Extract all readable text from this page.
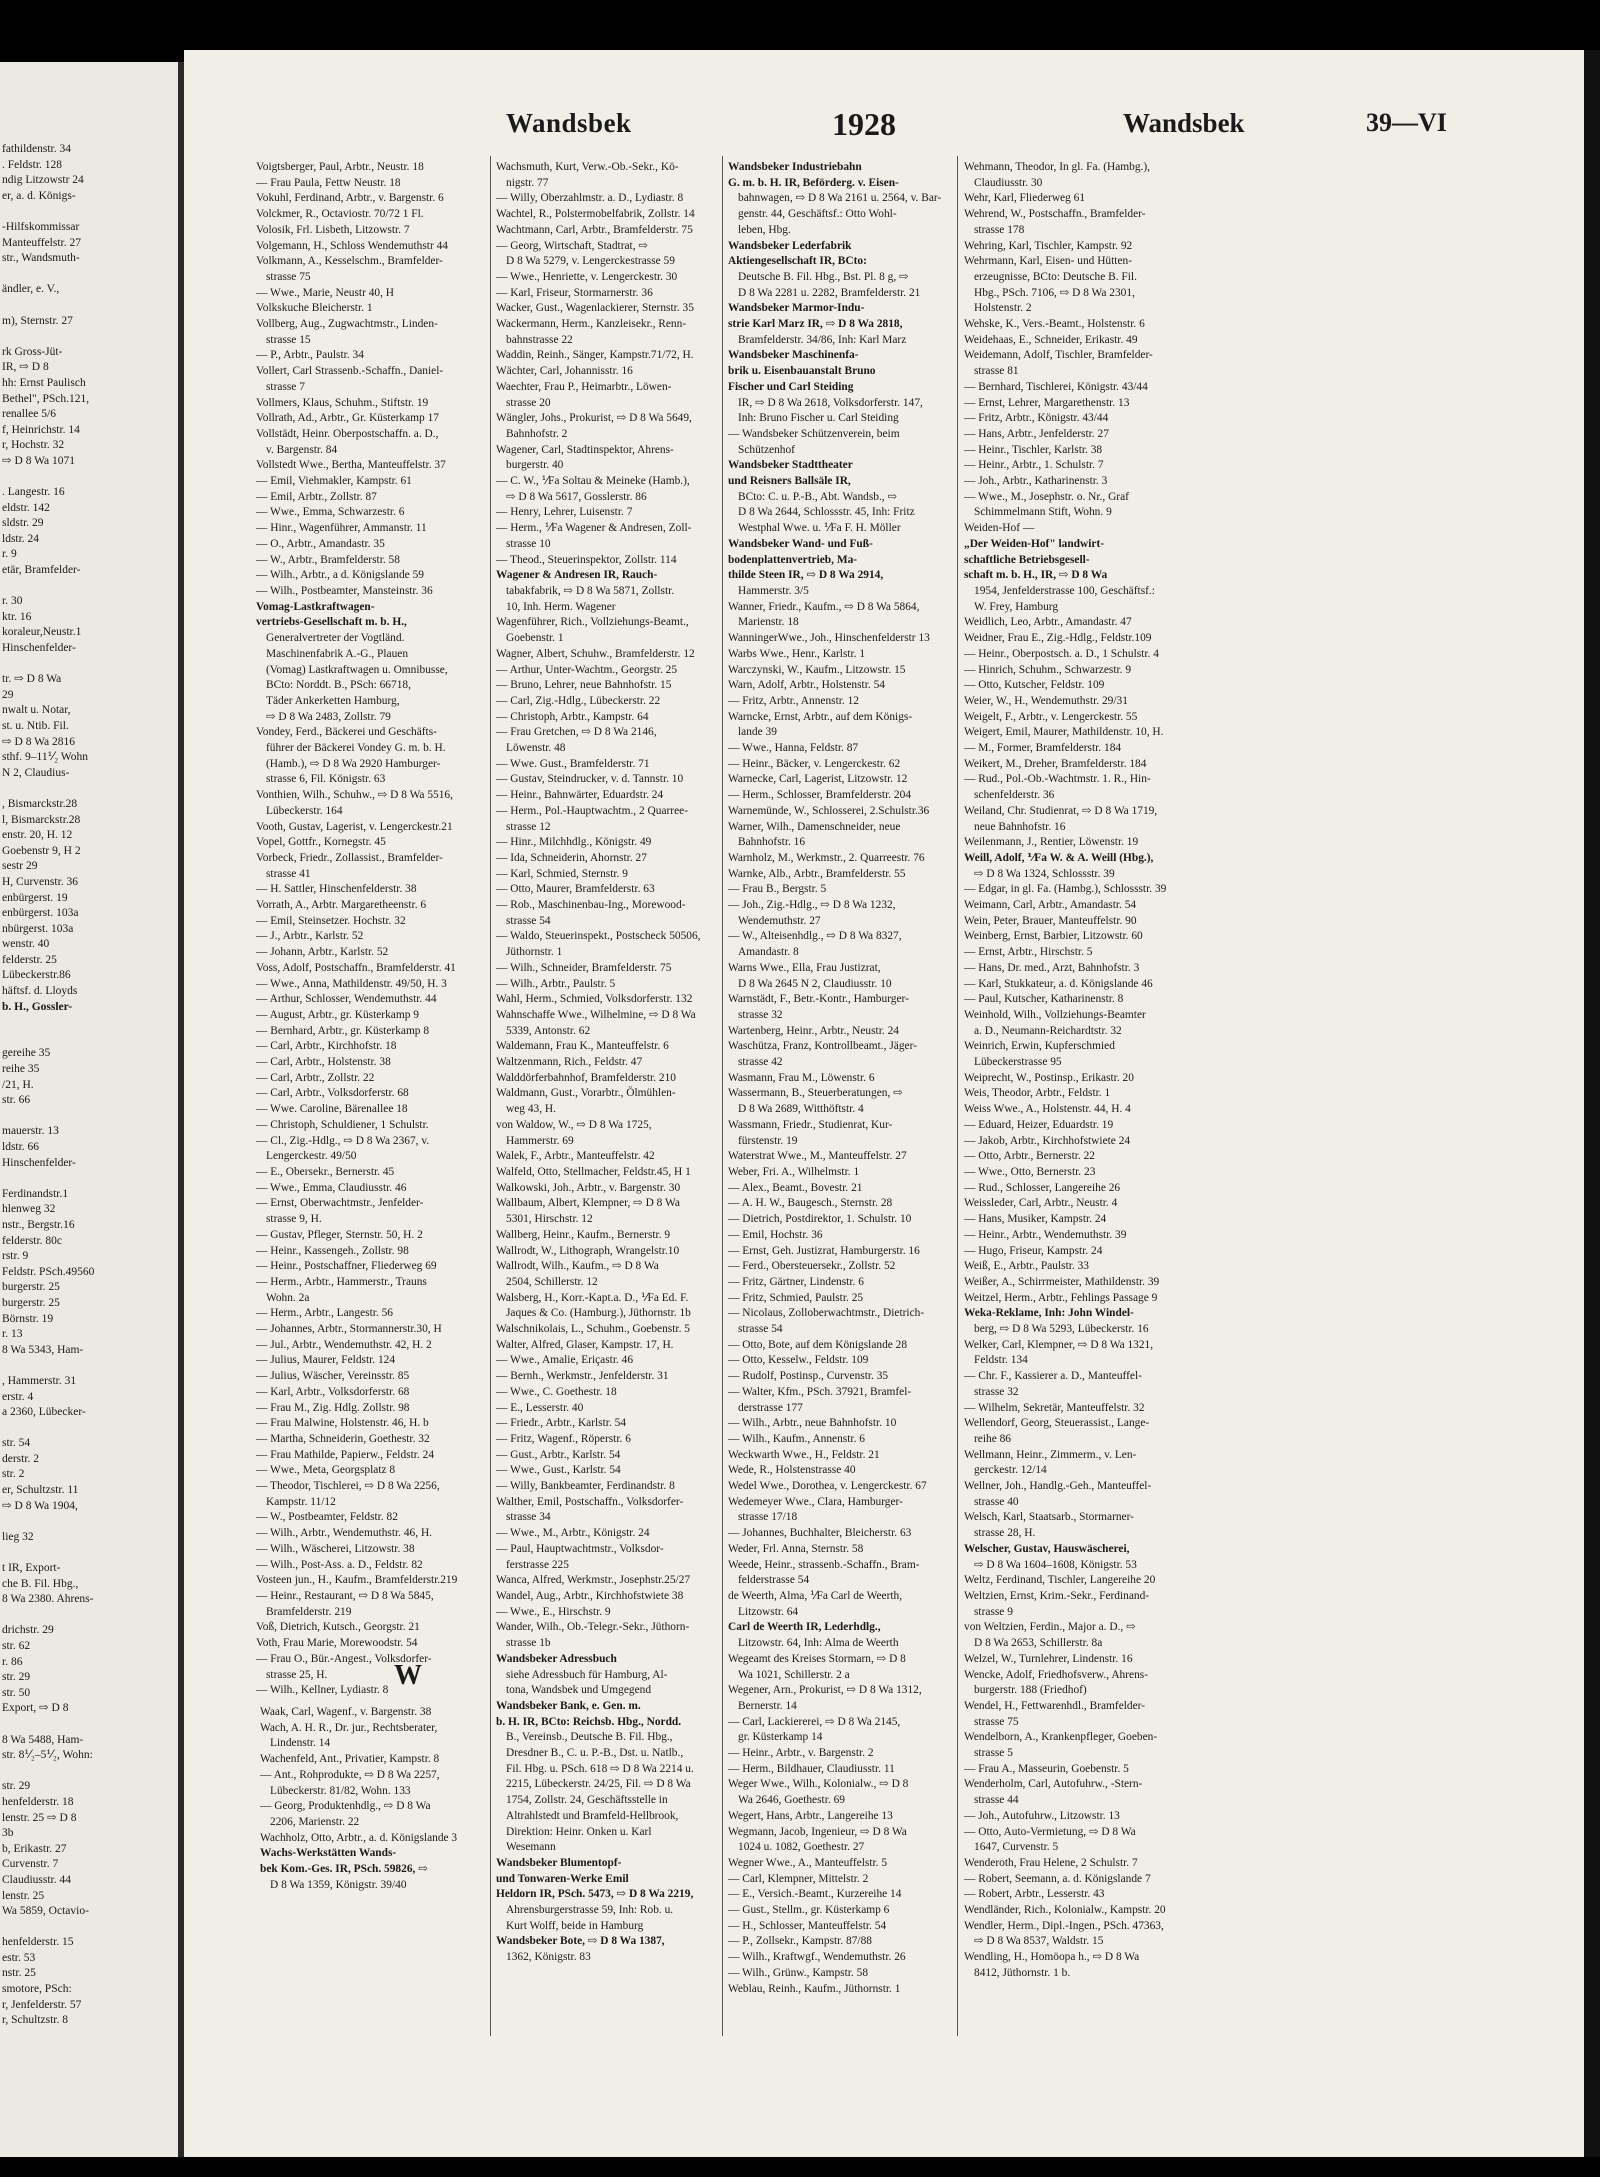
fathildenstr. 34
. Feldstr. 128
ndig Litzowstr 24
er, a. d. Königs-

-Hilfskommissar
Manteuffelstr. 27
str., Wandsmuth-

ändler, e. V.,

m), Sternstr. 27

rk Gross-Jüt-
IR, ⇨ D 8
hh: Ernst Paulisch
Bethel", PSch.121,
renallee 5/6
f, Heinrichstr. 14
r, Hochstr. 32
⇨ D 8 Wa 1071

. Langestr. 16
eldstr. 142
sldstr. 29
ldstr. 24
r. 9
etär, Bramfelder-

r. 30
ktr. 16
koraleur,Neustr.1
Hinschenfelder-

tr. ⇨ D 8 Wa
29
nwalt u. Notar,
st. u. Ntib. Fil.
⇨ D 8 Wa 2816
sthf. 9–11⅟₂ Wohn
N 2, Claudius-

, Bismarckstr.28
l, Bismarckstr.28
enstr. 20, H. 12
Goebenstr 9, H 2
sestr 29
H, Curvenstr. 36
enbürgerst. 19
enbürgerst. 103a
nbürgerst. 103a
wenstr. 40
felderstr. 25
Lübeckerstr.86
häftsf. d. Lloyds
b. H., Gossler-

gereihe 35
reihe 35
/21, H.
str. 66

mauerstr. 13
ldstr. 66
Hinschenfelder-

Ferdinandstr.1
hlenweg 32
nstr., Bergstr.16
felderstr. 80c
rstr. 9
Feldstr. PSch.49560
burgerstr. 25
burgerstr. 25
Börnstr. 19
r. 13
8 Wa 5343, Ham-

, Hammerstr. 31
erstr. 4
a 2360, Lübecker-

str. 54
derstr. 2
str. 2
er, Schultzstr. 11
⇨ D 8 Wa 1904,

lieg 32

t IR, Export-
che B. Fil. Hbg.,
8 Wa 2380. Ahrens-

drichstr. 29
str. 62
r. 86
str. 29
str. 50
Export, ⇨ D 8

8 Wa 5488, Ham-
str. 8⅟₂–5⅟₂, Wohn:

str. 29
henfelderstr. 18
lenstr. 25 ⇨ D 8
3b
b, Erikastr. 27
Curvenstr. 7
Claudiusstr. 44
lenstr. 25
Wa 5859, Octavio-

henfelderstr. 15
estr. 53
nstr. 25
smotore, PSch:
r, Jenfelderstr. 57
r, Schultzstr. 8
Wandsbek	1928	Wandsbek	39—VI
Voigtsberger, Paul, Arbtr., Neustr. 18
— Frau Paula, Fettw Neustr. 18
Vokuhl, Ferdinand, Arbtr., v. Bargenstr. 6
Volckmer, R., Octaviostr. 70/72 1 Fl.
Volosik, Frl. Lisbeth, Litzowstr. 7
Volgemann, H., Schloss Wendemuthstr 44
Volkmann, A., Kesselschm., Bramfelder-
strasse 75
— Wwe., Marie, Neustr 40, H
Volkskuche Bleicherstr. 1
Vollberg, Aug., Zugwachtmstr., Linden-
strasse 15
— P., Arbtr., Paulstr. 34
Vollert, Carl Strassenb.-Schaffn., Daniel-
strasse 7
Vollmers, Klaus, Schuhm., Stiftstr. 19
Vollrath, Ad., Arbtr., Gr. Küsterkamp 17
Vollstädt, Heinr. Oberpostschaffn. a. D.,
v. Bargenstr. 84
Vollstedt Wwe., Bertha, Manteuffelstr. 37
— Emil, Viehmakler, Kampstr. 61
— Emil, Arbtr., Zollstr. 87
— Wwe., Emma, Schwarzestr. 6
— Hinr., Wagenführer, Ammanstr. 11
— O., Arbtr., Amandastr. 35
— W., Arbtr., Bramfelderstr. 58
— Wilh., Arbtr., a d. Königslande 59
— Wilh., Postbeamter, Mansteinstr. 36
Vomag-Lastkraftwagen-
vertriebs-Gesellschaft m. b. H.,
Generalvertreter der Vogtländ.
Maschinenfabrik A.-G., Plauen
(Vomag) Lastkraftwagen u. Omnibusse,
BCto: Norddt. B., PSch: 66718,
Täder Ankerketten Hamburg,
⇨ D 8 Wa 2483, Zollstr. 79
Vondey, Ferd., Bäckerei und Geschäfts-
führer der Bäckerei Vondey G. m. b. H.
(Hamb.), ⇨ D 8 Wa 2920 Hamburger-
strasse 6, Fil. Königstr. 63
Vonthien, Wilh., Schuhw., ⇨ D 8 Wa 5516,
Lübeckerstr. 164
Vooth, Gustav, Lagerist, v. Lengerckestr.21
Vopel, Gottfr., Kornegstr. 45
Vorbeck, Friedr., Zollassist., Bramfelder-
strasse 41
— H. Sattler, Hinschenfelderstr. 38
Vorrath, A., Arbtr. Margaretheenstr. 6
— Emil, Steinsetzer. Hochstr. 32
— J., Arbtr., Karlstr. 52
— Johann, Arbtr., Karlstr. 52
Voss, Adolf, Postschaffn., Bramfelderstr. 41
— Wwe., Anna, Mathildenstr. 49/50, H. 3
— Arthur, Schlosser, Wendemuthstr. 44
— August, Arbtr., gr. Küsterkamp 9
— Bernhard, Arbtr., gr. Küsterkamp 8
— Carl, Arbtr., Kirchhofstr. 18
— Carl, Arbtr., Holstenstr. 38
— Carl, Arbtr., Zollstr. 22
— Carl, Arbtr., Volksdorferstr. 68
— Wwe. Caroline, Bärenallee 18
— Christoph, Schuldiener, 1 Schulstr.
— Cl., Zig.-Hdlg., ⇨ D 8 Wa 2367, v.
Lengerckestr. 49/50
— E., Obersekr., Bernerstr. 45
— Wwe., Emma, Claudiusstr. 46
— Ernst, Oberwachtmstr., Jenfelder-
strasse 9, H.
— Gustav, Pfleger, Sternstr. 50, H. 2
— Heinr., Kassengeh., Zollstr. 98
— Heinr., Postschaffner, Fliederweg 69
— Herm., Arbtr., Hammerstr., Trauns
Wohn. 2a
— Herm., Arbtr., Langestr. 56
— Johannes, Arbtr., Stormannerstr.30, H
— Jul., Arbtr., Wendemuthstr. 42, H. 2
— Julius, Maurer, Feldstr. 124
— Julius, Wäscher, Vereinsstr. 85
— Karl, Arbtr., Volksdorferstr. 68
— Frau M., Zig. Hdlg. Zollstr. 98
— Frau Malwine, Holstenstr. 46, H. b
— Martha, Schneiderin, Goethestr. 32
— Frau Mathilde, Papierw., Feldstr. 24
— Wwe., Meta, Georgsplatz 8
— Theodor, Tischlerei, ⇨ D 8 Wa 2256,
Kampstr. 11/12
— W., Postbeamter, Feldstr. 82
— Wilh., Arbtr., Wendemuthstr. 46, H.
— Wilh., Wäscherei, Litzowstr. 38
— Wilh., Post-Ass. a. D., Feldstr. 82
Vosteen jun., H., Kaufm., Bramfelderstr.219
— Heinr., Restaurant, ⇨ D 8 Wa 5845,
Bramfelderstr. 219
Voß, Dietrich, Kutsch., Georgstr. 21
Voth, Frau Marie, Morewoodstr. 54
— Frau O., Bür.-Angest., Volksdorfer-
strasse 25, H.
— Wilh., Kellner, Lydiastr. 8
Wachsmuth, Kurt, Verw.-Ob.-Sekr., Kö-
nigstr. 77
— Willy, Oberzahlmstr. a. D., Lydiastr. 8
Wachtel, R., Polstermobelfabrik, Zollstr. 14
Wachtmann, Carl, Arbtr., Bramfelderstr. 75
— Georg, Wirtschaft, Stadtrat, ⇨
D 8 Wa 5279, v. Lengerckestrasse 59
— Wwe., Henriette, v. Lengerckestr. 30
— Karl, Friseur, Stormarnerstr. 36
Wacker, Gust., Wagenlackierer, Sternstr. 35
Wackermann, Herm., Kanzleisekr., Renn-
bahnstrasse 22
Waddin, Reinh., Sänger, Kampstr.71/72, H.
Wächter, Carl, Johannisstr. 16
Waechter, Frau P., Heimarbtr., Löwen-
strasse 20
Wängler, Johs., Prokurist, ⇨ D 8 Wa 5649,
Bahnhofstr. 2
Wagener, Carl, Stadtinspektor, Ahrens-
burgerstr. 40
— C. W., ⅟Fa Soltau & Meineke (Hamb.),
⇨ D 8 Wa 5617, Gosslerstr. 86
— Henry, Lehrer, Luisenstr. 7
— Herm., ⅟Fa Wagener & Andresen, Zoll-
strasse 10
— Theod., Steuerinspektor, Zollstr. 114
Wagener & Andresen IR, Rauch-
tabakfabrik, ⇨ D 8 Wa 5871, Zollstr.
10, Inh. Herm. Wagener
Wagenführer, Rich., Vollziehungs-Beamt.,
Goebenstr. 1
Wagner, Albert, Schuhw., Bramfelderstr. 12
— Arthur, Unter-Wachtm., Georgstr. 25
— Bruno, Lehrer, neue Bahnhofstr. 15
— Carl, Zig.-Hdlg., Lübeckerstr. 22
— Christoph, Arbtr., Kampstr. 64
— Frau Gretchen, ⇨ D 8 Wa 2146,
Löwenstr. 48
— Wwe. Gust., Bramfelderstr. 71
— Gustav, Steindrucker, v. d. Tannstr. 10
— Heinr., Bahnwärter, Eduardstr. 24
— Herm., Pol.-Hauptwachtm., 2 Quarree-
strasse 12
— Hinr., Milchhdlg., Königstr. 49
— Ida, Schneiderin, Ahornstr. 27
— Karl, Schmied, Sternstr. 9
— Otto, Maurer, Bramfelderstr. 63
— Rob., Maschinenbau-Ing., Morewood-
strasse 54
— Waldo, Steuerinspekt., Postscheck 50506,
Jüthornstr. 1
— Wilh., Schneider, Bramfelderstr. 75
— Wilh., Arbtr., Paulstr. 5
Wahl, Herm., Schmied, Volksdorferstr. 132
Wahnschaffe Wwe., Wilhelmine, ⇨ D 8 Wa
5339, Antonstr. 62
Waldemann, Frau K., Manteuffelstr. 6
Waltzenmann, Rich., Feldstr. 47
Walddörferbahnhof, Bramfelderstr. 210
Waldmann, Gust., Vorarbtr., Ölmühlen-
weg 43, H.
von Waldow, W., ⇨ D 8 Wa 1725,
Hammerstr. 69
Walek, F., Arbtr., Manteuffelstr. 42
Walfeld, Otto, Stellmacher, Feldstr.45, H 1
Walkowski, Joh., Arbtr., v. Bargenstr. 30
Wallbaum, Albert, Klempner, ⇨ D 8 Wa
5301, Hirschstr. 12
Wallberg, Heinr., Kaufm., Bernerstr. 9
Wallrodt, W., Lithograph, Wrangelstr.10
Wallrodt, Wilh., Kaufm., ⇨ D 8 Wa
2504, Schillerstr. 12
Walsberg, H., Korr.-Kapt.a. D., ⅟Fa Ed. F.
Jaques & Co. (Hamburg.), Jüthornstr. 1b
Walschnikolais, L., Schuhm., Goebenstr. 5
Walter, Alfred, Glaser, Kampstr. 17, H.
— Wwe., Amalie, Eriçastr. 46
— Bernh., Werkmstr., Jenfelderstr. 31
— Wwe., C. Goethestr. 18
— E., Lesserstr. 40
— Friedr., Arbtr., Karlstr. 54
— Fritz, Wagenf., Röperstr. 6
— Gust., Arbtr., Karlstr. 54
— Wwe., Gust., Karlstr. 54
— Willy, Bankbeamter, Ferdinandstr. 8
Walther, Emil, Postschaffn., Volksdorfer-
strasse 34
— Wwe., M., Arbtr., Königstr. 24
— Paul, Hauptwachtmstr., Volksdor-
ferstrasse 225
Wanca, Alfred, Werkmstr., Josephstr.25/27
Wandel, Aug., Arbtr., Kirchhofstwiete 38
— Wwe., E., Hirschstr. 9
Wander, Wilh., Ob.-Telegr.-Sekr., Jüthorn-
strasse 1b
Wandsbeker Adressbuch
siehe Adressbuch für Hamburg, Al-
tona, Wandsbek und Umgegend
Wandsbeker Bank, e. Gen. m.
b. H. IR, BCto: Reichsb. Hbg., Nordd.
B., Vereinsb., Deutsche B. Fil. Hbg.,
Dresdner B., C. u. P.-B., Dst. u. Natlb.,
Fil. Hbg. u. PSch. 618 ⇨ D 8 Wa 2214 u.
2215, Lübeckerstr. 24/25, Fil. ⇨ D 8 Wa
1754, Zollstr. 24, Geschäftsstelle in
Altrahlstedt und Bramfeld-Hellbrook,
Direktion: Heinr. Onken u. Karl
Wesemann
Wandsbeker Blumentopf-
und Tonwaren-Werke Emil
Heldorn IR, PSch. 5473, ⇨ D 8 Wa 2219,
Ahrensburgerstrasse 59, Inh: Rob. u.
Kurt Wolff, beide in Hamburg
Wandsbeker Bote, ⇨ D 8 Wa 1387,
1362, Königstr. 83
Wandsbeker Industriebahn
G. m. b. H. IR, Beförderg. v. Eisen-
bahnwagen, ⇨ D 8 Wa 2161 u. 2564, v. Bar-
genstr. 44, Geschäftsf.: Otto Wohl-
leben, Hbg.
Wandsbeker Lederfabrik
Aktiengesellschaft IR, BCto:
Deutsche B. Fil. Hbg., Bst. Pl. 8 g, ⇨
D 8 Wa 2281 u. 2282, Bramfelderstr. 21
Wandsbeker Marmor-Indu-
strie Karl Marz IR, ⇨ D 8 Wa 2818,
Bramfelderstr. 34/86, Inh: Karl Marz
Wandsbeker Maschinenfa-
brik u. Eisenbauanstalt Bruno
Fischer und Carl Steiding
IR, ⇨ D 8 Wa 2618, Volksdorferstr. 147,
Inh: Bruno Fischer u. Carl Steiding
— Wandsbeker Schützenverein, beim
Schützenhof
Wandsbeker Stadttheater
und Reisners Ballsäle IR,
BCto: C. u. P.-B., Abt. Wandsb., ⇨
D 8 Wa 2644, Schlossstr. 45, Inh: Fritz
Westphal Wwe. u. ⅟Fa F. H. Möller
Wandsbeker Wand- und Fuß-
bodenplattenvertrieb, Ma-
thilde Steen IR, ⇨ D 8 Wa 2914,
Hammerstr. 3/5
Wanner, Friedr., Kaufm., ⇨ D 8 Wa 5864,
Marienstr. 18
WanningerWwe., Joh., Hinschenfelderstr 13
Warbs Wwe., Henr., Karlstr. 1
Warczynski, W., Kaufm., Litzowstr. 15
Warn, Adolf, Arbtr., Holstenstr. 54
— Fritz, Arbtr., Annenstr. 12
Warncke, Ernst, Arbtr., auf dem Königs-
lande 39
— Wwe., Hanna, Feldstr. 87
— Heinr., Bäcker, v. Lengerckestr. 62
Warnecke, Carl, Lagerist, Litzowstr. 12
— Herm., Schlosser, Bramfelderstr. 204
Warnemünde, W., Schlosserei, 2.Schulstr.36
Warner, Wilh., Damenschneider, neue
Bahnhofstr. 16
Warnholz, M., Werkmstr., 2. Quarreestr. 76
Warnke, Alb., Arbtr., Bramfelderstr. 55
— Frau B., Bergstr. 5
— Joh., Zig.-Hdlg., ⇨ D 8 Wa 1232,
Wendemuthstr. 27
— W., Alteisenhdlg., ⇨ D 8 Wa 8327,
Amandastr. 8
Warns Wwe., Ella, Frau Justizrat,
D 8 Wa 2645 N 2, Claudiusstr. 10
Warnstädt, F., Betr.-Kontr., Hamburger-
strasse 32
Wartenberg, Heinr., Arbtr., Neustr. 24
Waschütza, Franz, Kontrollbeamt., Jäger-
strasse 42
Wasmann, Frau M., Löwenstr. 6
Wassermann, B., Steuerberatungen, ⇨
D 8 Wa 2689, Witthöftstr. 4
Wassmann, Friedr., Studienrat, Kur-
fürstenstr. 19
Waterstrat Wwe., M., Manteuffelstr. 27
Weber, Fri. A., Wilhelmstr. 1
— Alex., Beamt., Bovestr. 21
— A. H. W., Baugesch., Sternstr. 28
— Dietrich, Postdirektor, 1. Schulstr. 10
— Emil, Hochstr. 36
— Ernst, Geh. Justizrat, Hamburgerstr. 16
— Ferd., Obersteuersekr., Zollstr. 52
— Fritz, Gärtner, Lindenstr. 6
— Fritz, Schmied, Paulstr. 25
— Nicolaus, Zolloberwachtmstr., Dietrich-
strasse 54
— Otto, Bote, auf dem Königslande 28
— Otto, Kesselw., Feldstr. 109
— Rudolf, Postinsp., Curvenstr. 35
— Walter, Kfm., PSch. 37921, Bramfel-
derstrasse 177
— Wilh., Arbtr., neue Bahnhofstr. 10
— Wilh., Kaufm., Annenstr. 6
Weckwarth Wwe., H., Feldstr. 21
Wede, R., Holstenstrasse 40
Wedel Wwe., Dorothea, v. Lengerckestr. 67
Wedemeyer Wwe., Clara, Hamburger-
strasse 17/18
— Johannes, Buchhalter, Bleicherstr. 63
Weder, Frl. Anna, Sternstr. 58
Weede, Heinr., strassenb.-Schaffn., Bram-
felderstrasse 54
de Weerth, Alma, ⅟Fa Carl de Weerth,
Litzowstr. 64
Carl de Weerth IR, Lederhdlg.,
Litzowstr. 64, Inh: Alma de Weerth
Wegeamt des Kreises Stormarn, ⇨ D 8
Wa 1021, Schillerstr. 2 a
Wegener, Arn., Prokurist, ⇨ D 8 Wa 1312,
Bernerstr. 14
— Carl, Lackiererei, ⇨ D 8 Wa 2145,
gr. Küsterkamp 14
— Heinr., Arbtr., v. Bargenstr. 2
— Herm., Bildhauer, Claudiusstr. 11
Weger Wwe., Wilh., Kolonialw., ⇨ D 8
Wa 2646, Goethestr. 69
Wegert, Hans, Arbtr., Langereihe 13
Wegmann, Jacob, Ingenieur, ⇨ D 8 Wa
1024 u. 1082, Goethestr. 27
Wegner Wwe., A., Manteuffelstr. 5
— Carl, Klempner, Mittelstr. 2
— E., Versich.-Beamt., Kurzereihe 14
— Gust., Stellm., gr. Küsterkamp 6
— H., Schlosser, Manteuffelstr. 54
— P., Zollsekr., Kampstr. 87/88
— Wilh., Kraftwgf., Wendemuthstr. 26
— Wilh., Grünw., Kampstr. 58
Weblau, Reinh., Kaufm., Jüthornstr. 1
Wehmann, Theodor, In gl. Fa. (Hambg.),
Claudiusstr. 30
Wehr, Karl, Fliederweg 61
Wehrend, W., Postschaffn., Bramfelder-
strasse 178
Wehring, Karl, Tischler, Kampstr. 92
Wehrmann, Karl, Eisen- und Hütten-
erzeugnisse, BCto: Deutsche B. Fil.
Hbg., PSch. 7106, ⇨ D 8 Wa 2301,
Holstenstr. 2
Wehske, K., Vers.-Beamt., Holstenstr. 6
Weidehaas, E., Schneider, Erikastr. 49
Weidemann, Adolf, Tischler, Bramfelder-
strasse 81
— Bernhard, Tischlerei, Königstr. 43/44
— Ernst, Lehrer, Margarethenstr. 13
— Fritz, Arbtr., Königstr. 43/44
— Hans, Arbtr., Jenfelderstr. 27
— Heinr., Tischler, Karlstr. 38
— Heinr., Arbtr., 1. Schulstr. 7
— Joh., Arbtr., Katharinenstr. 3
— Wwe., M., Josephstr. o. Nr., Graf
Schimmelmann Stift, Wohn. 9
Weiden-Hof —
„Der Weiden-Hof" landwirt-
schaftliche Betriebsgesell-
schaft m. b. H., IR, ⇨ D 8 Wa
1954, Jenfelderstrasse 100, Geschäftsf.:
W. Frey, Hamburg
Weidlich, Leo, Arbtr., Amandastr. 47
Weidner, Frau E., Zig.-Hdlg., Feldstr.109
— Heinr., Oberpostsch. a. D., 1 Schulstr. 4
— Hinrich, Schuhm., Schwarzestr. 9
— Otto, Kutscher, Feldstr. 109
Weier, W., H., Wendemuthstr. 29/31
Weigelt, F., Arbtr., v. Lengerckestr. 55
Weigert, Emil, Maurer, Mathildenstr. 10, H.
— M., Former, Bramfelderstr. 184
Weikert, M., Dreher, Bramfelderstr. 184
— Rud., Pol.-Ob.-Wachtmstr. 1. R., Hin-
schenfelderstr. 36
Weiland, Chr. Studienrat, ⇨ D 8 Wa 1719,
neue Bahnhofstr. 16
Weilenmann, J., Rentier, Löwenstr. 19
Weill, Adolf, ⅟Fa W. & A. Weill (Hbg.),
⇨ D 8 Wa 1324, Schlossstr. 39
— Edgar, in gl. Fa. (Hambg.), Schlossstr. 39
Weimann, Carl, Arbtr., Amandastr. 54
Wein, Peter, Brauer, Manteuffelstr. 90
Weinberg, Ernst, Barbier, Litzowstr. 60
— Ernst, Arbtr., Hirschstr. 5
— Hans, Dr. med., Arzt, Bahnhofstr. 3
— Karl, Stukkateur, a. d. Königslande 46
— Paul, Kutscher, Katharinenstr. 8
Weinhold, Wilh., Vollziehungs-Beamter
a. D., Neumann-Reichardtstr. 32
Weinrich, Erwin, Kupferschmied
Lübeckerstrasse 95
Weiprecht, W., Postinsp., Erikastr. 20
Weis, Theodor, Arbtr., Feldstr. 1
Weiss Wwe., A., Holstenstr. 44, H. 4
— Eduard, Heizer, Eduardstr. 19
— Jakob, Arbtr., Kirchhofstwiete 24
— Otto, Arbtr., Bernerstr. 22
— Wwe., Otto, Bernerstr. 23
— Rud., Schlosser, Langereihe 26
Weissleder, Carl, Arbtr., Neustr. 4
— Hans, Musiker, Kampstr. 24
— Heinr., Arbtr., Wendemuthstr. 39
— Hugo, Friseur, Kampstr. 24
Weiß, E., Arbtr., Paulstr. 33
Weißer, A., Schirrmeister, Mathildenstr. 39
Weitzel, Herm., Arbtr., Fehlings Passage 9
Weka-Reklame, Inh: John Windel-
berg, ⇨ D 8 Wa 5293, Lübeckerstr. 16
Welker, Carl, Klempner, ⇨ D 8 Wa 1321,
Feldstr. 134
— Chr. F., Kassierer a. D., Manteuffel-
strasse 32
— Wilhelm, Sekretär, Manteuffelstr. 32
Wellendorf, Georg, Steuerassist., Lange-
reihe 86
Wellmann, Heinr., Zimmerm., v. Len-
gerckestr. 12/14
Wellner, Joh., Handlg.-Geh., Manteuffel-
strasse 40
Welsch, Karl, Staatsarb., Stormarner-
strasse 28, H.
Welscher, Gustav, Hauswäscherei,
⇨ D 8 Wa 1604–1608, Königstr. 53
Weltz, Ferdinand, Tischler, Langereihe 20
Weltzien, Ernst, Krim.-Sekr., Ferdinand-
strasse 9
von Weltzien, Ferdin., Major a. D., ⇨
D 8 Wa 2653, Schillerstr. 8a
Welzel, W., Turnlehrer, Lindenstr. 16
Wencke, Adolf, Friedhofsverw., Ahrens-
burgerstr. 188 (Friedhof)
Wendel, H., Fettwarenhdl., Bramfelder-
strasse 75
Wendelborn, A., Krankenpfleger, Goeben-
strasse 5
— Frau A., Masseurin, Goebenstr. 5
Wenderholm, Carl, Autofuhrw., -Stern-
strasse 44
— Joh., Autofuhrw., Litzowstr. 13
— Otto, Auto-Vermietung, ⇨ D 8 Wa
1647, Curvenstr. 5
Wenderoth, Frau Helene, 2 Schulstr. 7
— Robert, Seemann, a. d. Königslande 7
— Robert, Arbtr., Lesserstr. 43
Wendländer, Rich., Kolonialw., Kampstr. 20
Wendler, Herm., Dipl.-Ingen., PSch. 47363,
⇨ D 8 Wa 8537, Waldstr. 15
Wendling, H., Homöopa h., ⇨ D 8 Wa
8412, Jüthornstr. 1 b.
W
Waak, Carl, Wagenf., v. Bargenstr. 38
Wach, A. H. R., Dr. jur., Rechtsberater,
Lindenstr. 14
Wachenfeld, Ant., Privatier, Kampstr. 8
— Ant., Rohprodukte, ⇨ D 8 Wa 2257,
Lübeckerstr. 81/82, Wohn. 133
— Georg, Produktenhdlg., ⇨ D 8 Wa
2206, Marienstr. 22
Wachholz, Otto, Arbtr., a. d. Königslande 3
Wachs-Werkstätten Wands-
bek Kom.-Ges. IR, PSch. 59826, ⇨
D 8 Wa 1359, Königstr. 39/40
